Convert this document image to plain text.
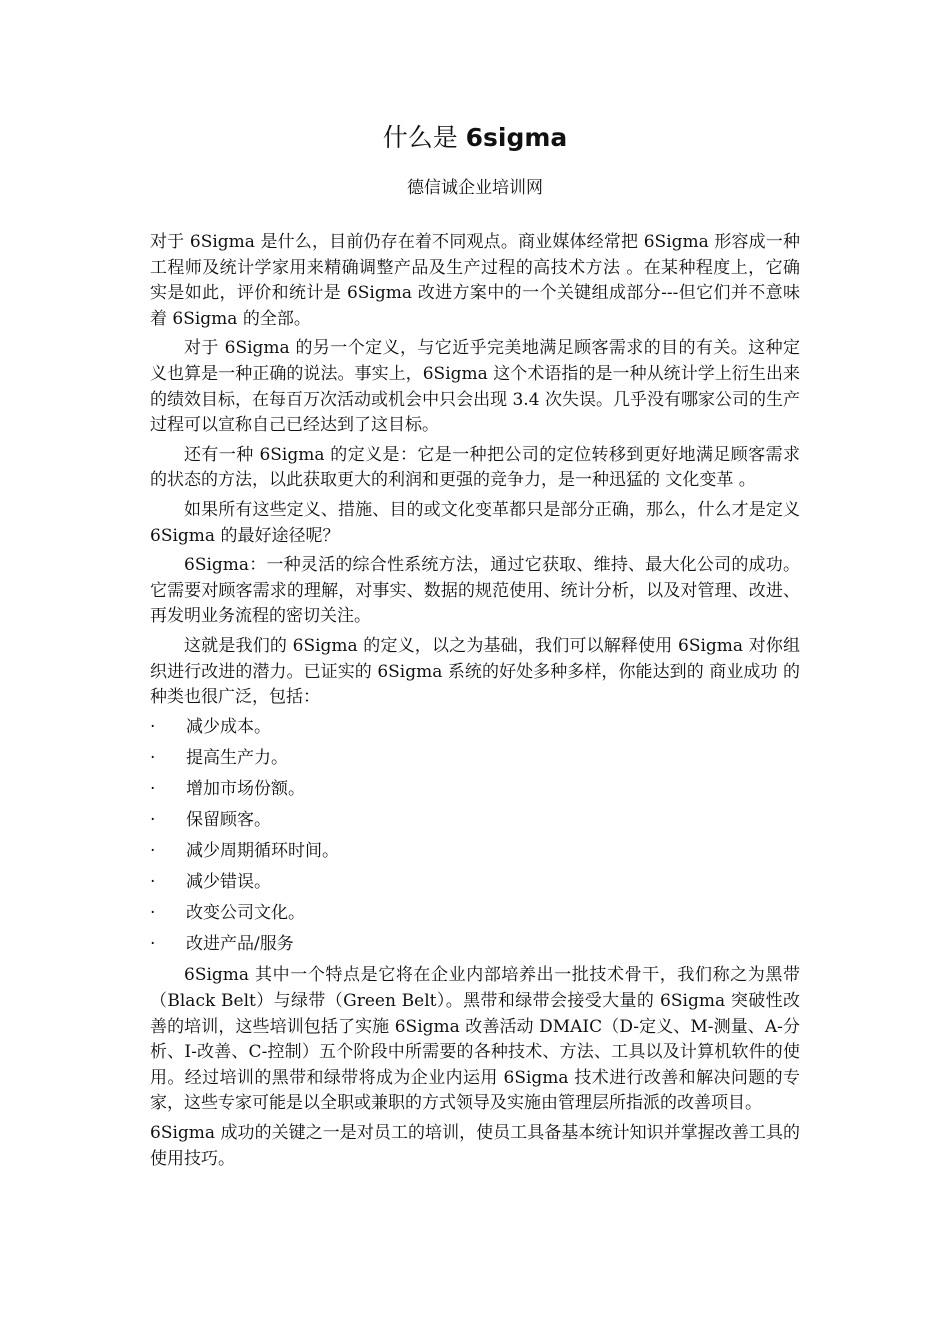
什么是 6sigma
德信诚企业培训网

对于 6Sigma 是什么，目前仍存在着不同观点。商业媒体经常把 6Sigma 形容成一种 工程师及统计学家用来精确调整产品及生产过程的高技术方法 。在某种程度上，它确实是如此，评价和统计是 6Sigma 改进方案中的一个关键组成部分---但它们并不意味着 6Sigma 的全部。

对于 6Sigma 的另一个定义，与它近乎完美地满足顾客需求的目的有关。这种定义也算是一种正确的说法。事实上，6Sigma 这个术语指的是一种从统计学上衍生出来的绩效目标，在每百万次活动或机会中只会出现 3.4 次失误。几乎没有哪家公司的生产过程可以宣称自己已经达到了这目标。

还有一种 6Sigma 的定义是：它是一种把公司的定位转移到更好地满足顾客需求的状态的方法，以此获取更大的利润和更强的竞争力，是一种迅猛的 文化变革 。

如果所有这些定义、措施、目的或文化变革都只是部分正确，那么，什么才是定义 6Sigma 的最好途径呢？

6Sigma：一种灵活的综合性系统方法，通过它获取、维持、最大化公司的成功。它需要对顾客需求的理解，对事实、数据的规范使用、统计分析，以及对管理、改进、再发明业务流程的密切关注。

这就是我们的 6Sigma 的定义，以之为基础，我们可以解释使用 6Sigma 对你组织进行改进的潜力。已证实的 6Sigma 系统的好处多种多样，你能达到的 商业成功 的种类也很广泛，包括：

· 减少成本。
· 提高生产力。
· 增加市场份额。
· 保留顾客。
· 减少周期循环时间。
· 减少错误。
· 改变公司文化。
· 改进产品/服务

6Sigma 其中一个特点是它将在企业内部培养出一批技术骨干，我们称之为黑带（Black Belt）与绿带（Green Belt）。黑带和绿带会接受大量的 6Sigma 突破性改善的培训，这些培训包括了实施 6Sigma 改善活动 DMAIC（D-定义、M-测量、A-分析、I-改善、C-控制）五个阶段中所需要的各种技术、方法、工具以及计算机软件的使用。经过培训的黑带和绿带将成为企业内运用 6Sigma 技术进行改善和解决问题的专家，这些专家可能是以全职或兼职的方式领导及实施由管理层所指派的改善项目。

6Sigma 成功的关键之一是对员工的培训，使员工具备基本统计知识并掌握改善工具的使用技巧。
